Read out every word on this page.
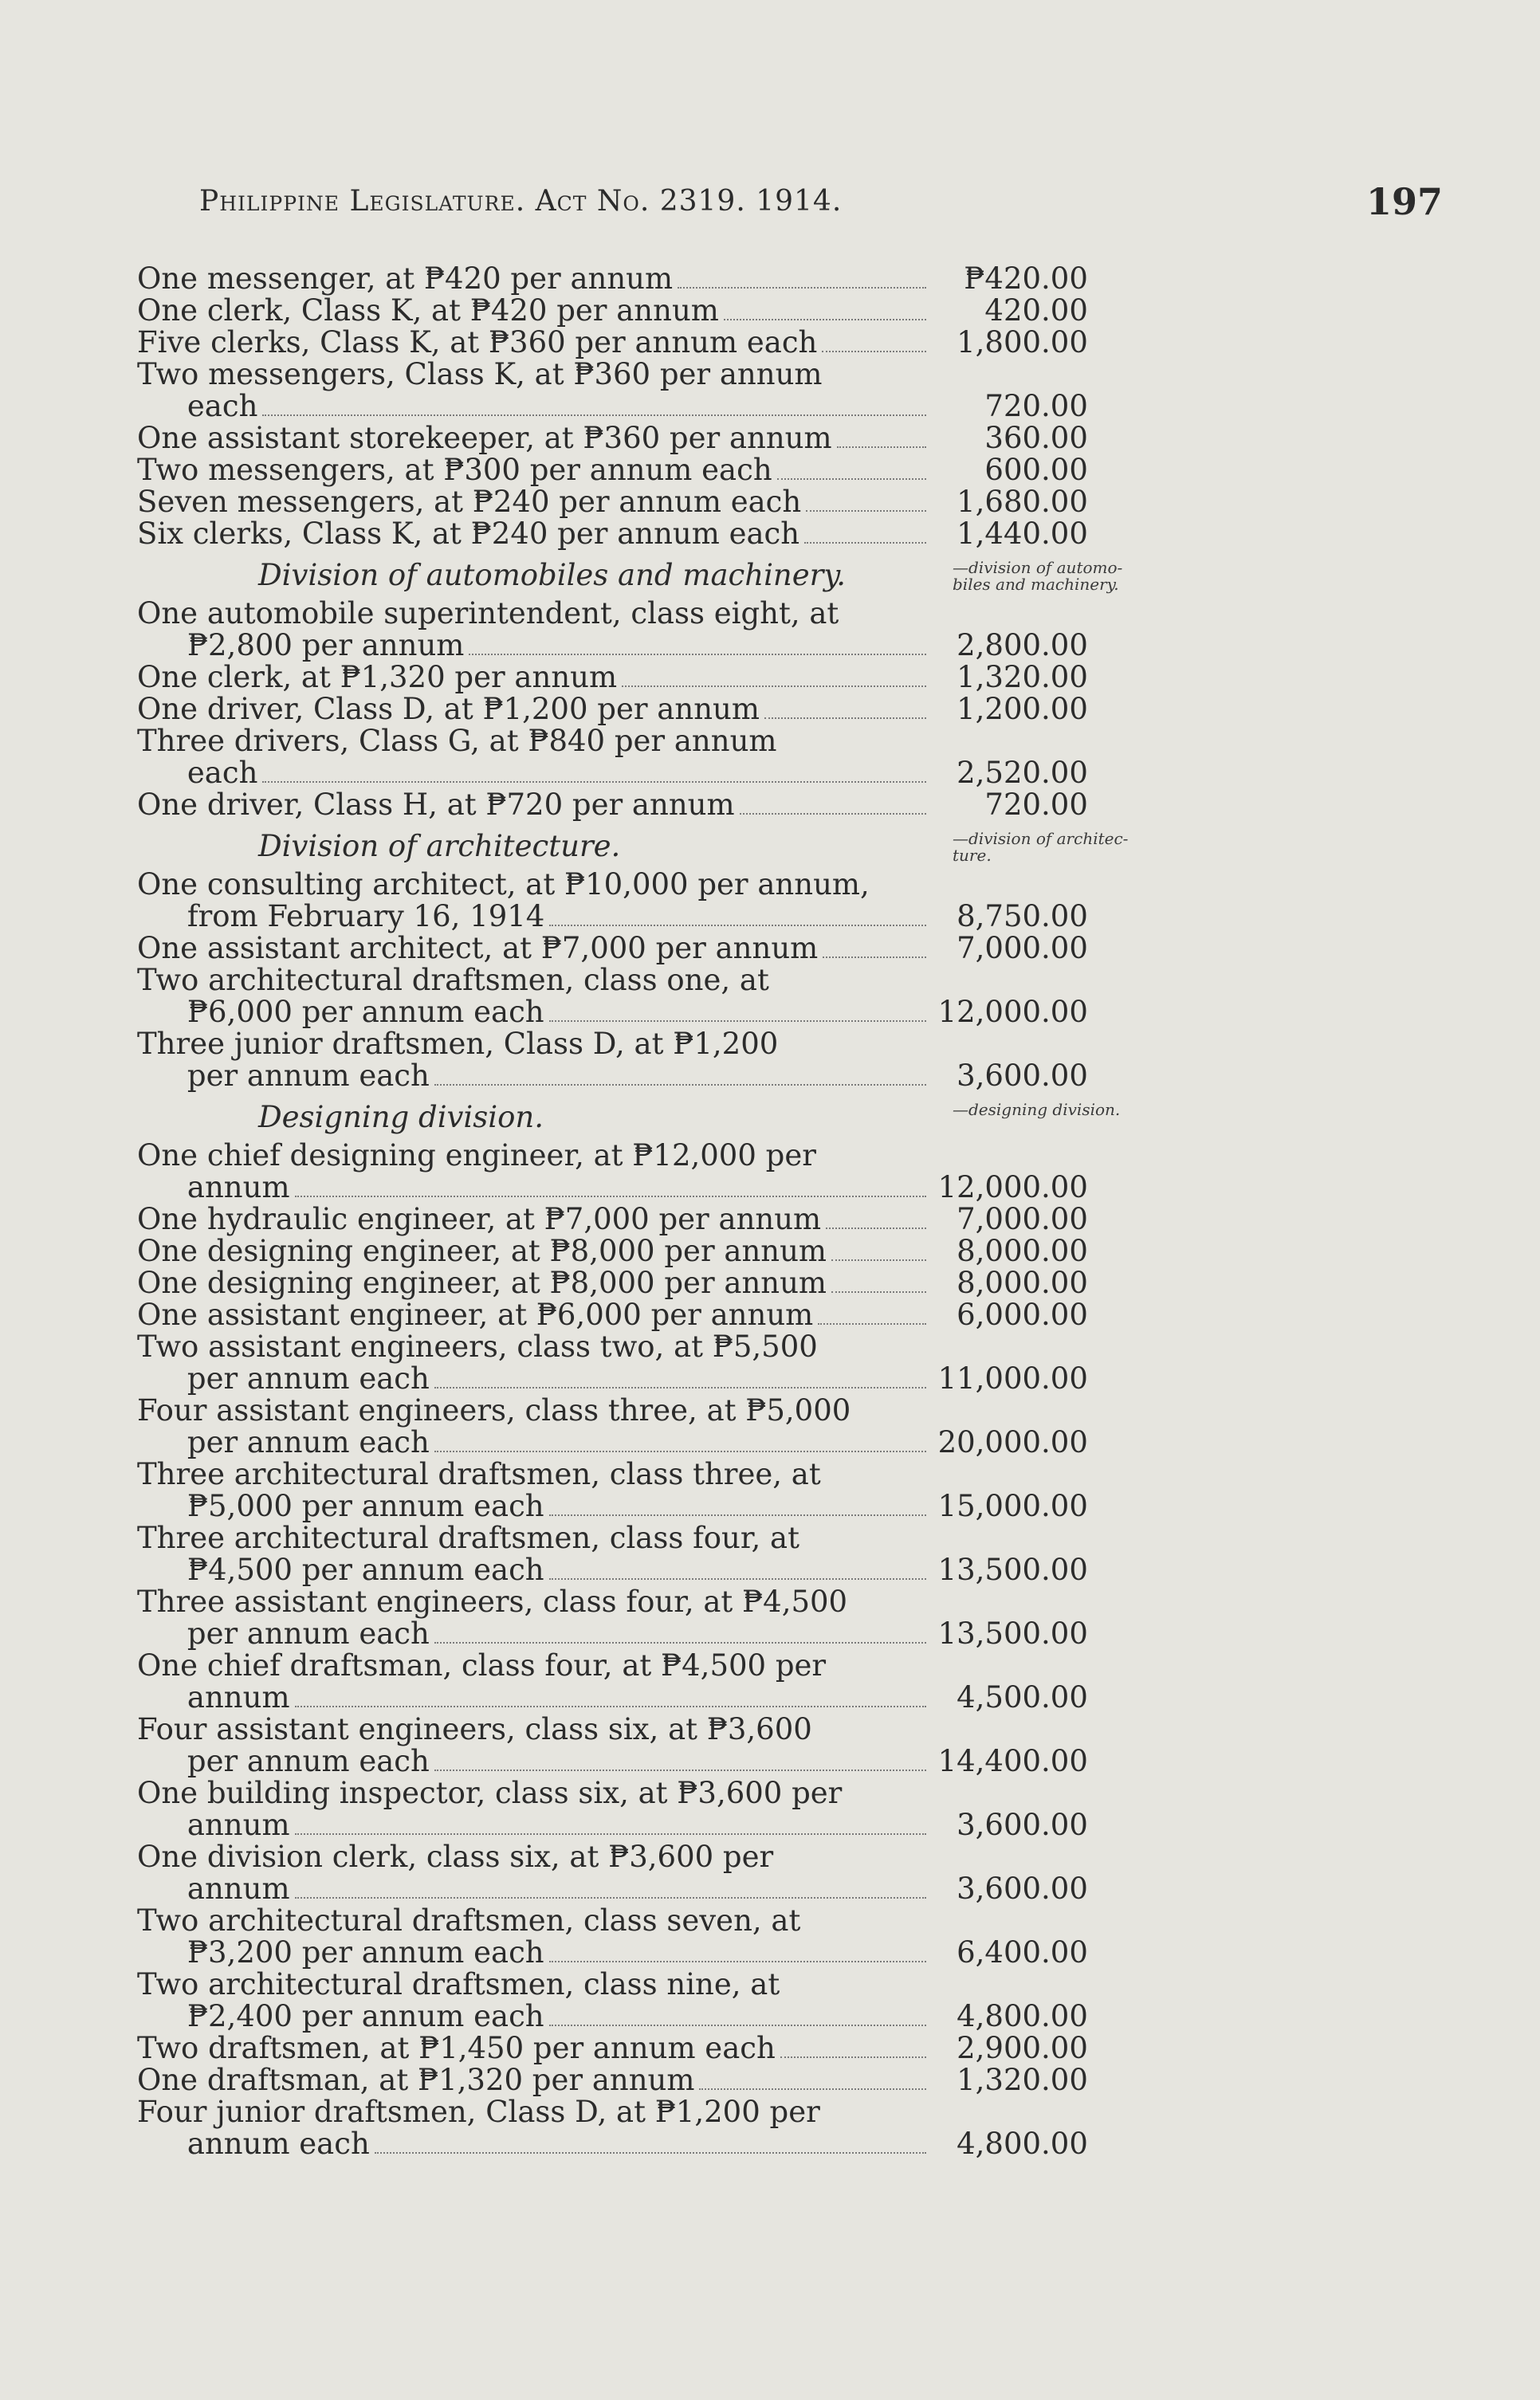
Philippine Legislature. Act No. 2319. 1914.	197
One messenger, at ₱420 per annum	₱420.00
One clerk, Class K, at ₱420 per annum	420.00
Five clerks, Class K, at ₱360 per annum each	1,800.00
Two messengers, Class K, at ₱360 per annum
each	720.00
One assistant storekeeper, at ₱360 per annum	360.00
Two messengers, at ₱300 per annum each	600.00
Seven messengers, at ₱240 per annum each	1,680.00
Six clerks, Class K, at ₱240 per annum each	1,440.00
Division of automobiles and machinery.	—division of automo-
biles and machinery.
One automobile superintendent, class eight, at
₱2,800 per annum	2,800.00
One clerk, at ₱1,320 per annum	1,320.00
One driver, Class D, at ₱1,200 per annum	1,200.00
Three drivers, Class G, at ₱840 per annum
each	2,520.00
One driver, Class H, at ₱720 per annum	720.00
Division of architecture.	—division of architec-
ture.
One consulting architect, at ₱10,000 per annum,
from February 16, 1914	8,750.00
One assistant architect, at ₱7,000 per annum	7,000.00
Two architectural draftsmen, class one, at
₱6,000 per annum each	12,000.00
Three junior draftsmen, Class D, at ₱1,200
per annum each	3,600.00
Designing division.	—designing division.
One chief designing engineer, at ₱12,000 per
annum	12,000.00
One hydraulic engineer, at ₱7,000 per annum	7,000.00
One designing engineer, at ₱8,000 per annum	8,000.00
One designing engineer, at ₱8,000 per annum	8,000.00
One assistant engineer, at ₱6,000 per annum	6,000.00
Two assistant engineers, class two, at ₱5,500
per annum each	11,000.00
Four assistant engineers, class three, at ₱5,000
per annum each	20,000.00
Three architectural draftsmen, class three, at
₱5,000 per annum each	15,000.00
Three architectural draftsmen, class four, at
₱4,500 per annum each	13,500.00
Three assistant engineers, class four, at ₱4,500
per annum each	13,500.00
One chief draftsman, class four, at ₱4,500 per
annum	4,500.00
Four assistant engineers, class six, at ₱3,600
per annum each	14,400.00
One building inspector, class six, at ₱3,600 per
annum	3,600.00
One division clerk, class six, at ₱3,600 per
annum	3,600.00
Two architectural draftsmen, class seven, at
₱3,200 per annum each	6,400.00
Two architectural draftsmen, class nine, at
₱2,400 per annum each	4,800.00
Two draftsmen, at ₱1,450 per annum each	2,900.00
One draftsman, at ₱1,320 per annum	1,320.00
Four junior draftsmen, Class D, at ₱1,200 per
annum each	4,800.00
